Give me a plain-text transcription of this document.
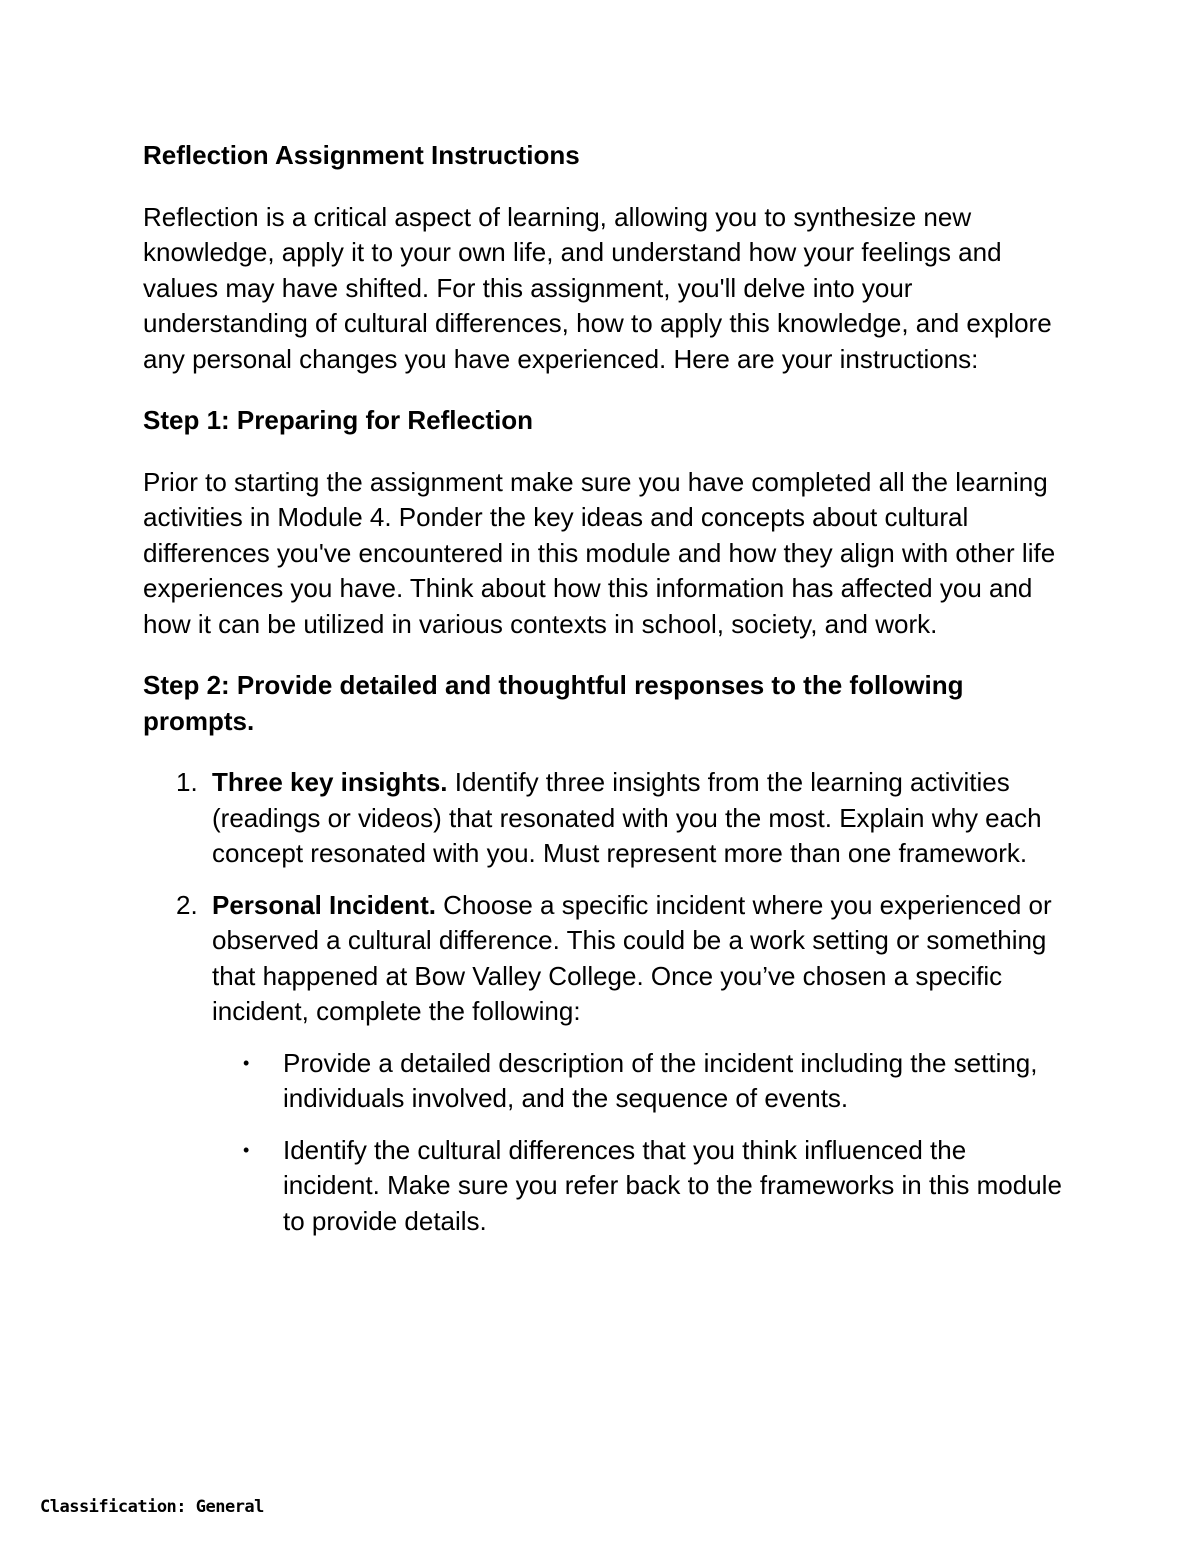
Reflection Assignment Instructions

Reflection is a critical aspect of learning, allowing you to synthesize new knowledge, apply it to your own life, and understand how your feelings and values may have shifted. For this assignment, you'll delve into your understanding of cultural differences, how to apply this knowledge, and explore any personal changes you have experienced. Here are your instructions:

Step 1: Preparing for Reflection

Prior to starting the assignment make sure you have completed all the learning activities in Module 4. Ponder the key ideas and concepts about cultural differences you've encountered in this module and how they align with other life experiences you have. Think about how this information has affected you and how it can be utilized in various contexts in school, society, and work.

Step 2: Provide detailed and thoughtful responses to the following prompts.
1. Three key insights. Identify three insights from the learning activities (readings or videos) that resonated with you the most. Explain why each concept resonated with you. Must represent more than one framework.
2. Personal Incident. Choose a specific incident where you experienced or observed a cultural difference. This could be a work setting or something that happened at Bow Valley College. Once you’ve chosen a specific incident, complete the following:
• Provide a detailed description of the incident including the setting, individuals involved, and the sequence of events.
• Identify the cultural differences that you think influenced the incident. Make sure you refer back to the frameworks in this module to provide details.
Classification: General
